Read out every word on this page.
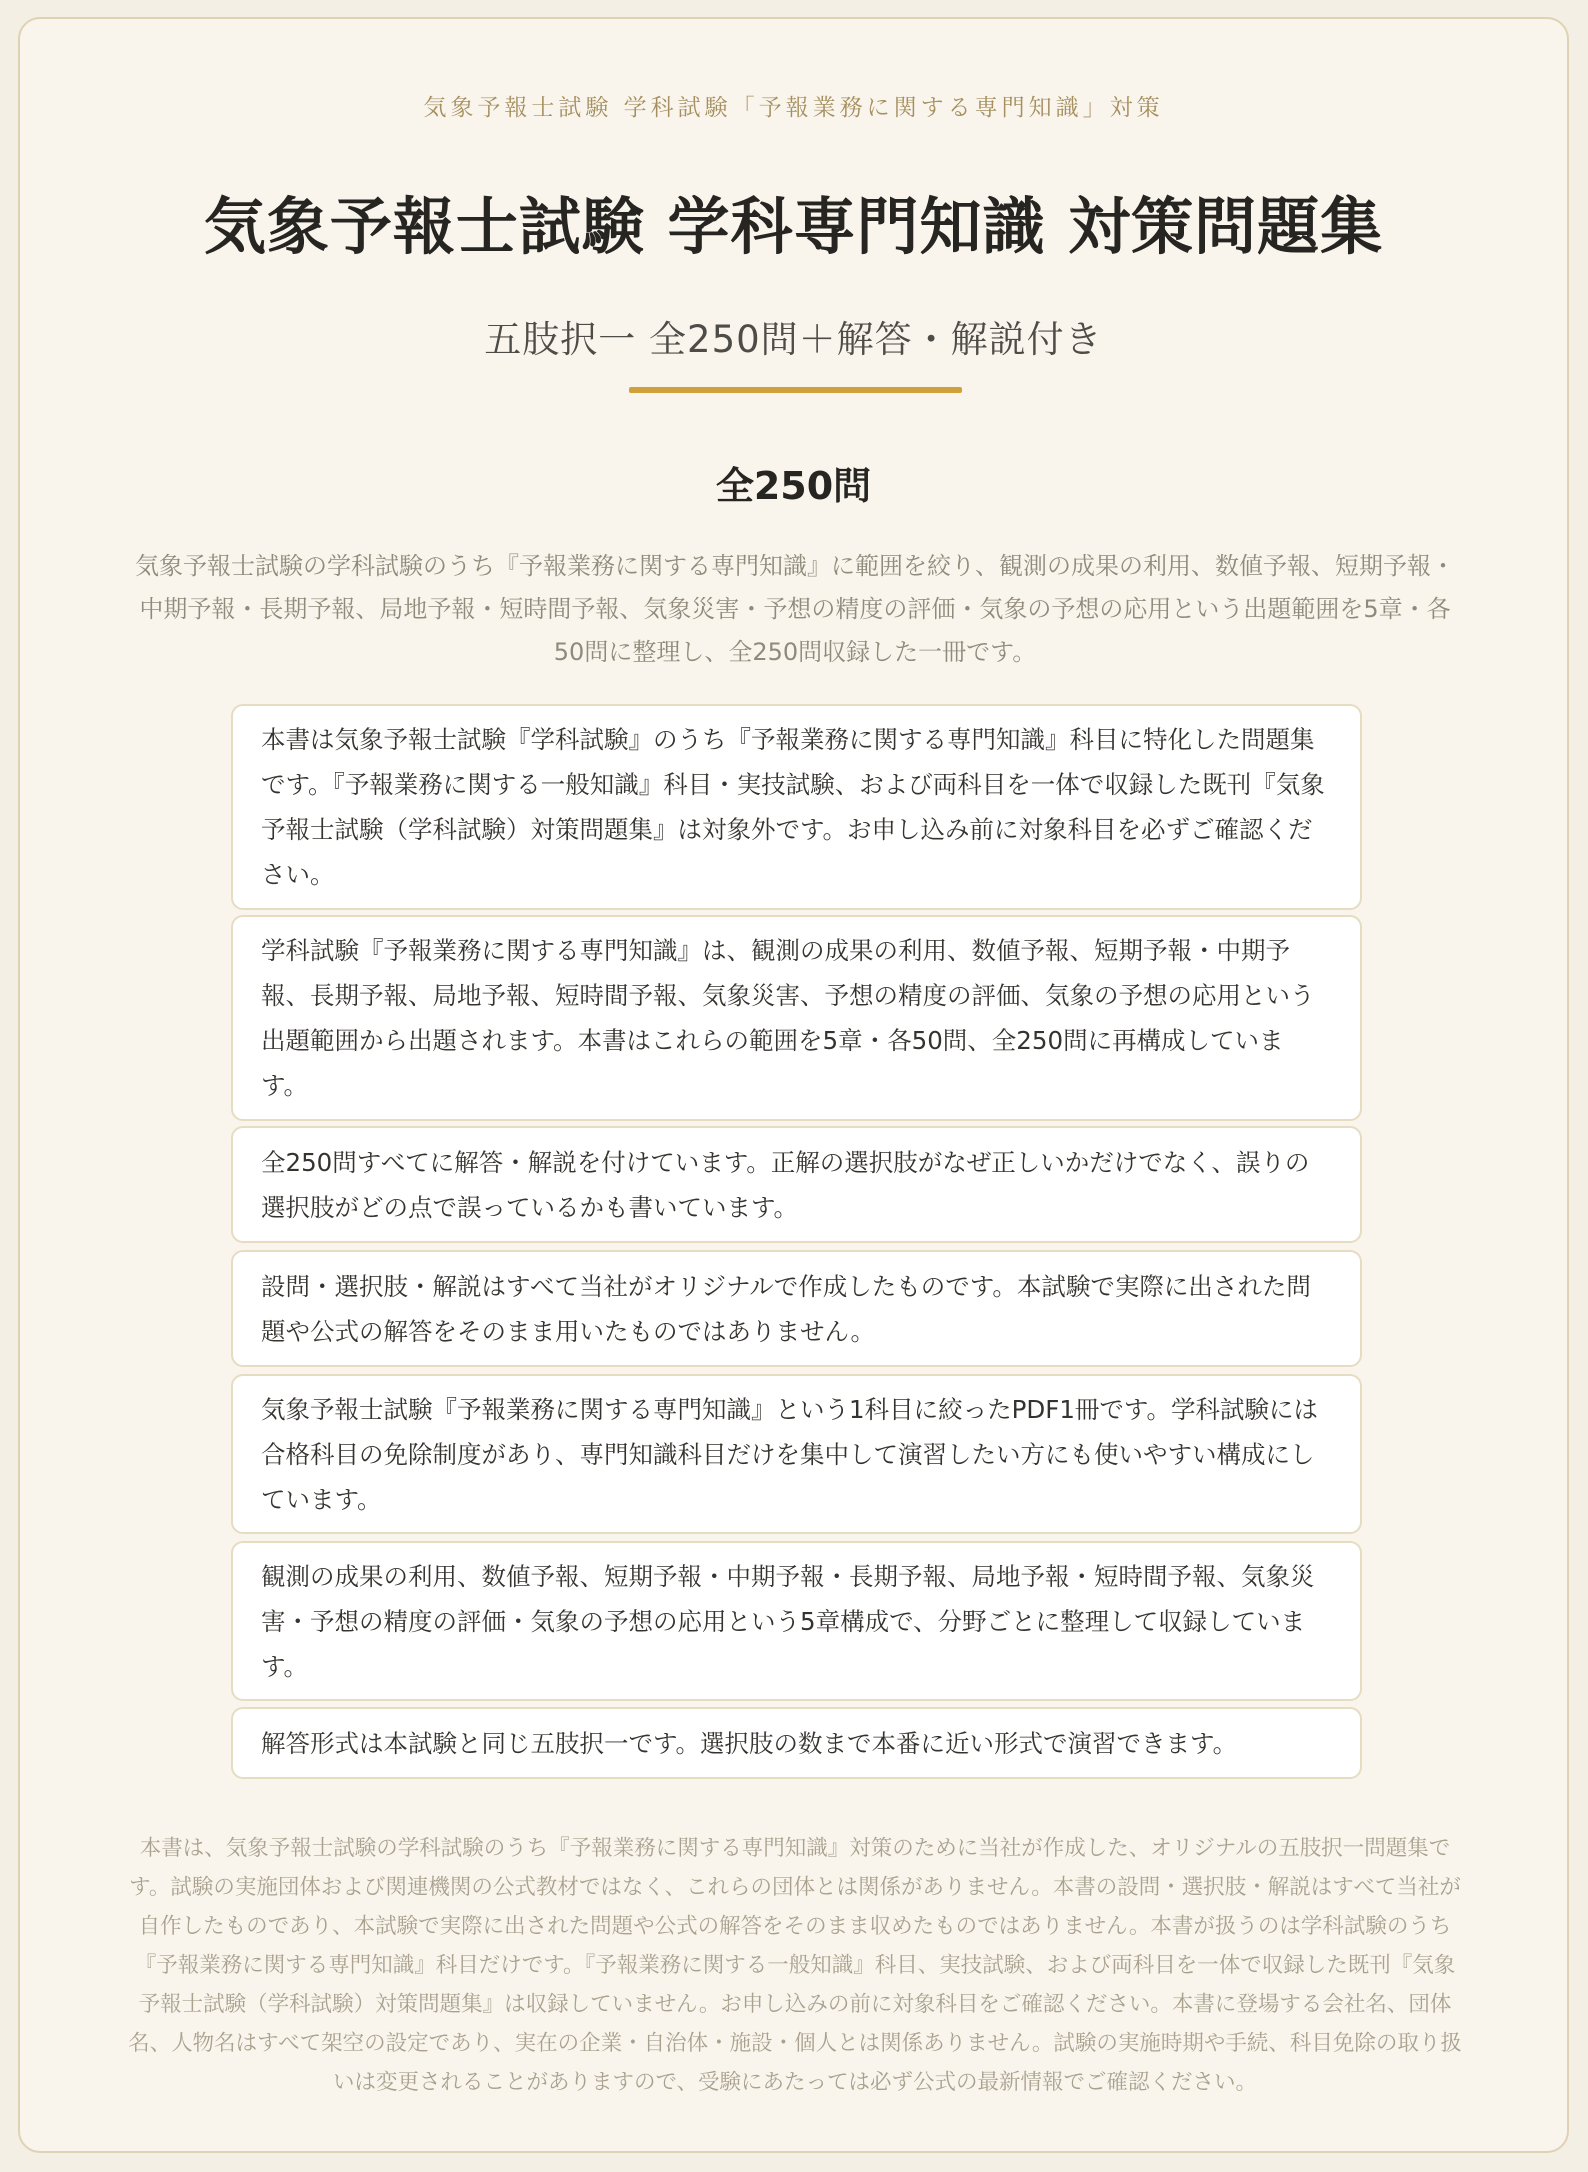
気象予報士試験 学科試験「予報業務に関する専門知識」対策
気象予報士試験 学科専門知識 対策問題集
五肢択一 全250問＋解答・解説付き
全250問
気象予報士試験の学科試験のうち『予報業務に関する専門知識』に範囲を絞り、観測の成果の利用、数値予報、短期予報・中期予報・長期予報、局地予報・短時間予報、気象災害・予想の精度の評価・気象の予想の応用という出題範囲を5章・各50問に整理し、全250問収録した一冊です。
本書は気象予報士試験『学科試験』のうち『予報業務に関する専門知識』科目に特化した問題集です。『予報業務に関する一般知識』科目・実技試験、および両科目を一体で収録した既刊『気象予報士試験（学科試験）対策問題集』は対象外です。お申し込み前に対象科目を必ずご確認ください。
学科試験『予報業務に関する専門知識』は、観測の成果の利用、数値予報、短期予報・中期予報、長期予報、局地予報、短時間予報、気象災害、予想の精度の評価、気象の予想の応用という出題範囲から出題されます。本書はこれらの範囲を5章・各50問、全250問に再構成しています。
全250問すべてに解答・解説を付けています。正解の選択肢がなぜ正しいかだけでなく、誤りの選択肢がどの点で誤っているかも書いています。
設問・選択肢・解説はすべて当社がオリジナルで作成したものです。本試験で実際に出された問題や公式の解答をそのまま用いたものではありません。
気象予報士試験『予報業務に関する専門知識』という1科目に絞ったPDF1冊です。学科試験には合格科目の免除制度があり、専門知識科目だけを集中して演習したい方にも使いやすい構成にしています。
観測の成果の利用、数値予報、短期予報・中期予報・長期予報、局地予報・短時間予報、気象災害・予想の精度の評価・気象の予想の応用という5章構成で、分野ごとに整理して収録しています。
解答形式は本試験と同じ五肢択一です。選択肢の数まで本番に近い形式で演習できます。
本書は、気象予報士試験の学科試験のうち『予報業務に関する専門知識』対策のために当社が作成した、オリジナルの五肢択一問題集です。試験の実施団体および関連機関の公式教材ではなく、これらの団体とは関係がありません。本書の設問・選択肢・解説はすべて当社が自作したものであり、本試験で実際に出された問題や公式の解答をそのまま収めたものではありません。本書が扱うのは学科試験のうち『予報業務に関する専門知識』科目だけです。『予報業務に関する一般知識』科目、実技試験、および両科目を一体で収録した既刊『気象予報士試験（学科試験）対策問題集』は収録していません。お申し込みの前に対象科目をご確認ください。本書に登場する会社名、団体名、人物名はすべて架空の設定であり、実在の企業・自治体・施設・個人とは関係ありません。試験の実施時期や手続、科目免除の取り扱いは変更されることがありますので、受験にあたっては必ず公式の最新情報でご確認ください。
